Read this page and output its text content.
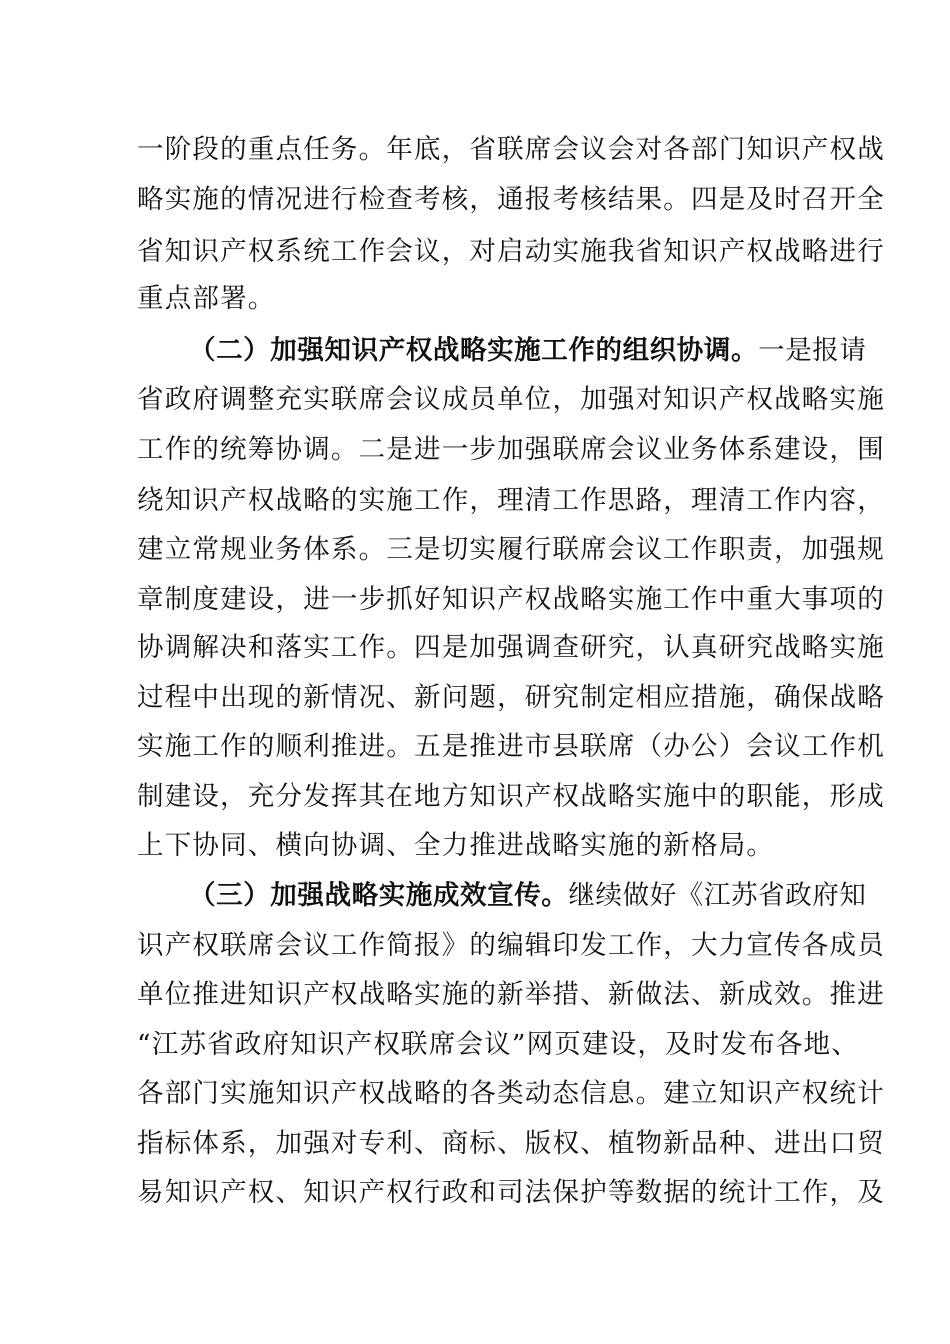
一阶段的重点任务。年底，省联席会议会对各部门知识产权战
略实施的情况进行检查考核，通报考核结果。四是及时召开全
省知识产权系统工作会议，对启动实施我省知识产权战略进行
重点部署。
（二）加强知识产权战略实施工作的组织协调。一是报请
省政府调整充实联席会议成员单位，加强对知识产权战略实施
工作的统筹协调。二是进一步加强联席会议业务体系建设，围
绕知识产权战略的实施工作，理清工作思路，理清工作内容，
建立常规业务体系。三是切实履行联席会议工作职责，加强规
章制度建设，进一步抓好知识产权战略实施工作中重大事项的
协调解决和落实工作。四是加强调查研究，认真研究战略实施
过程中出现的新情况、新问题，研究制定相应措施，确保战略
实施工作的顺利推进。五是推进市县联席（办公）会议工作机
制建设，充分发挥其在地方知识产权战略实施中的职能，形成
上下协同、横向协调、全力推进战略实施的新格局。
（三）加强战略实施成效宣传。继续做好《江苏省政府知
识产权联席会议工作简报》的编辑印发工作，大力宣传各成员
单位推进知识产权战略实施的新举措、新做法、新成效。推进
“江苏省政府知识产权联席会议”网页建设，及时发布各地、
各部门实施知识产权战略的各类动态信息。建立知识产权统计
指标体系，加强对专利、商标、版权、植物新品种、进出口贸
易知识产权、知识产权行政和司法保护等数据的统计工作，及
